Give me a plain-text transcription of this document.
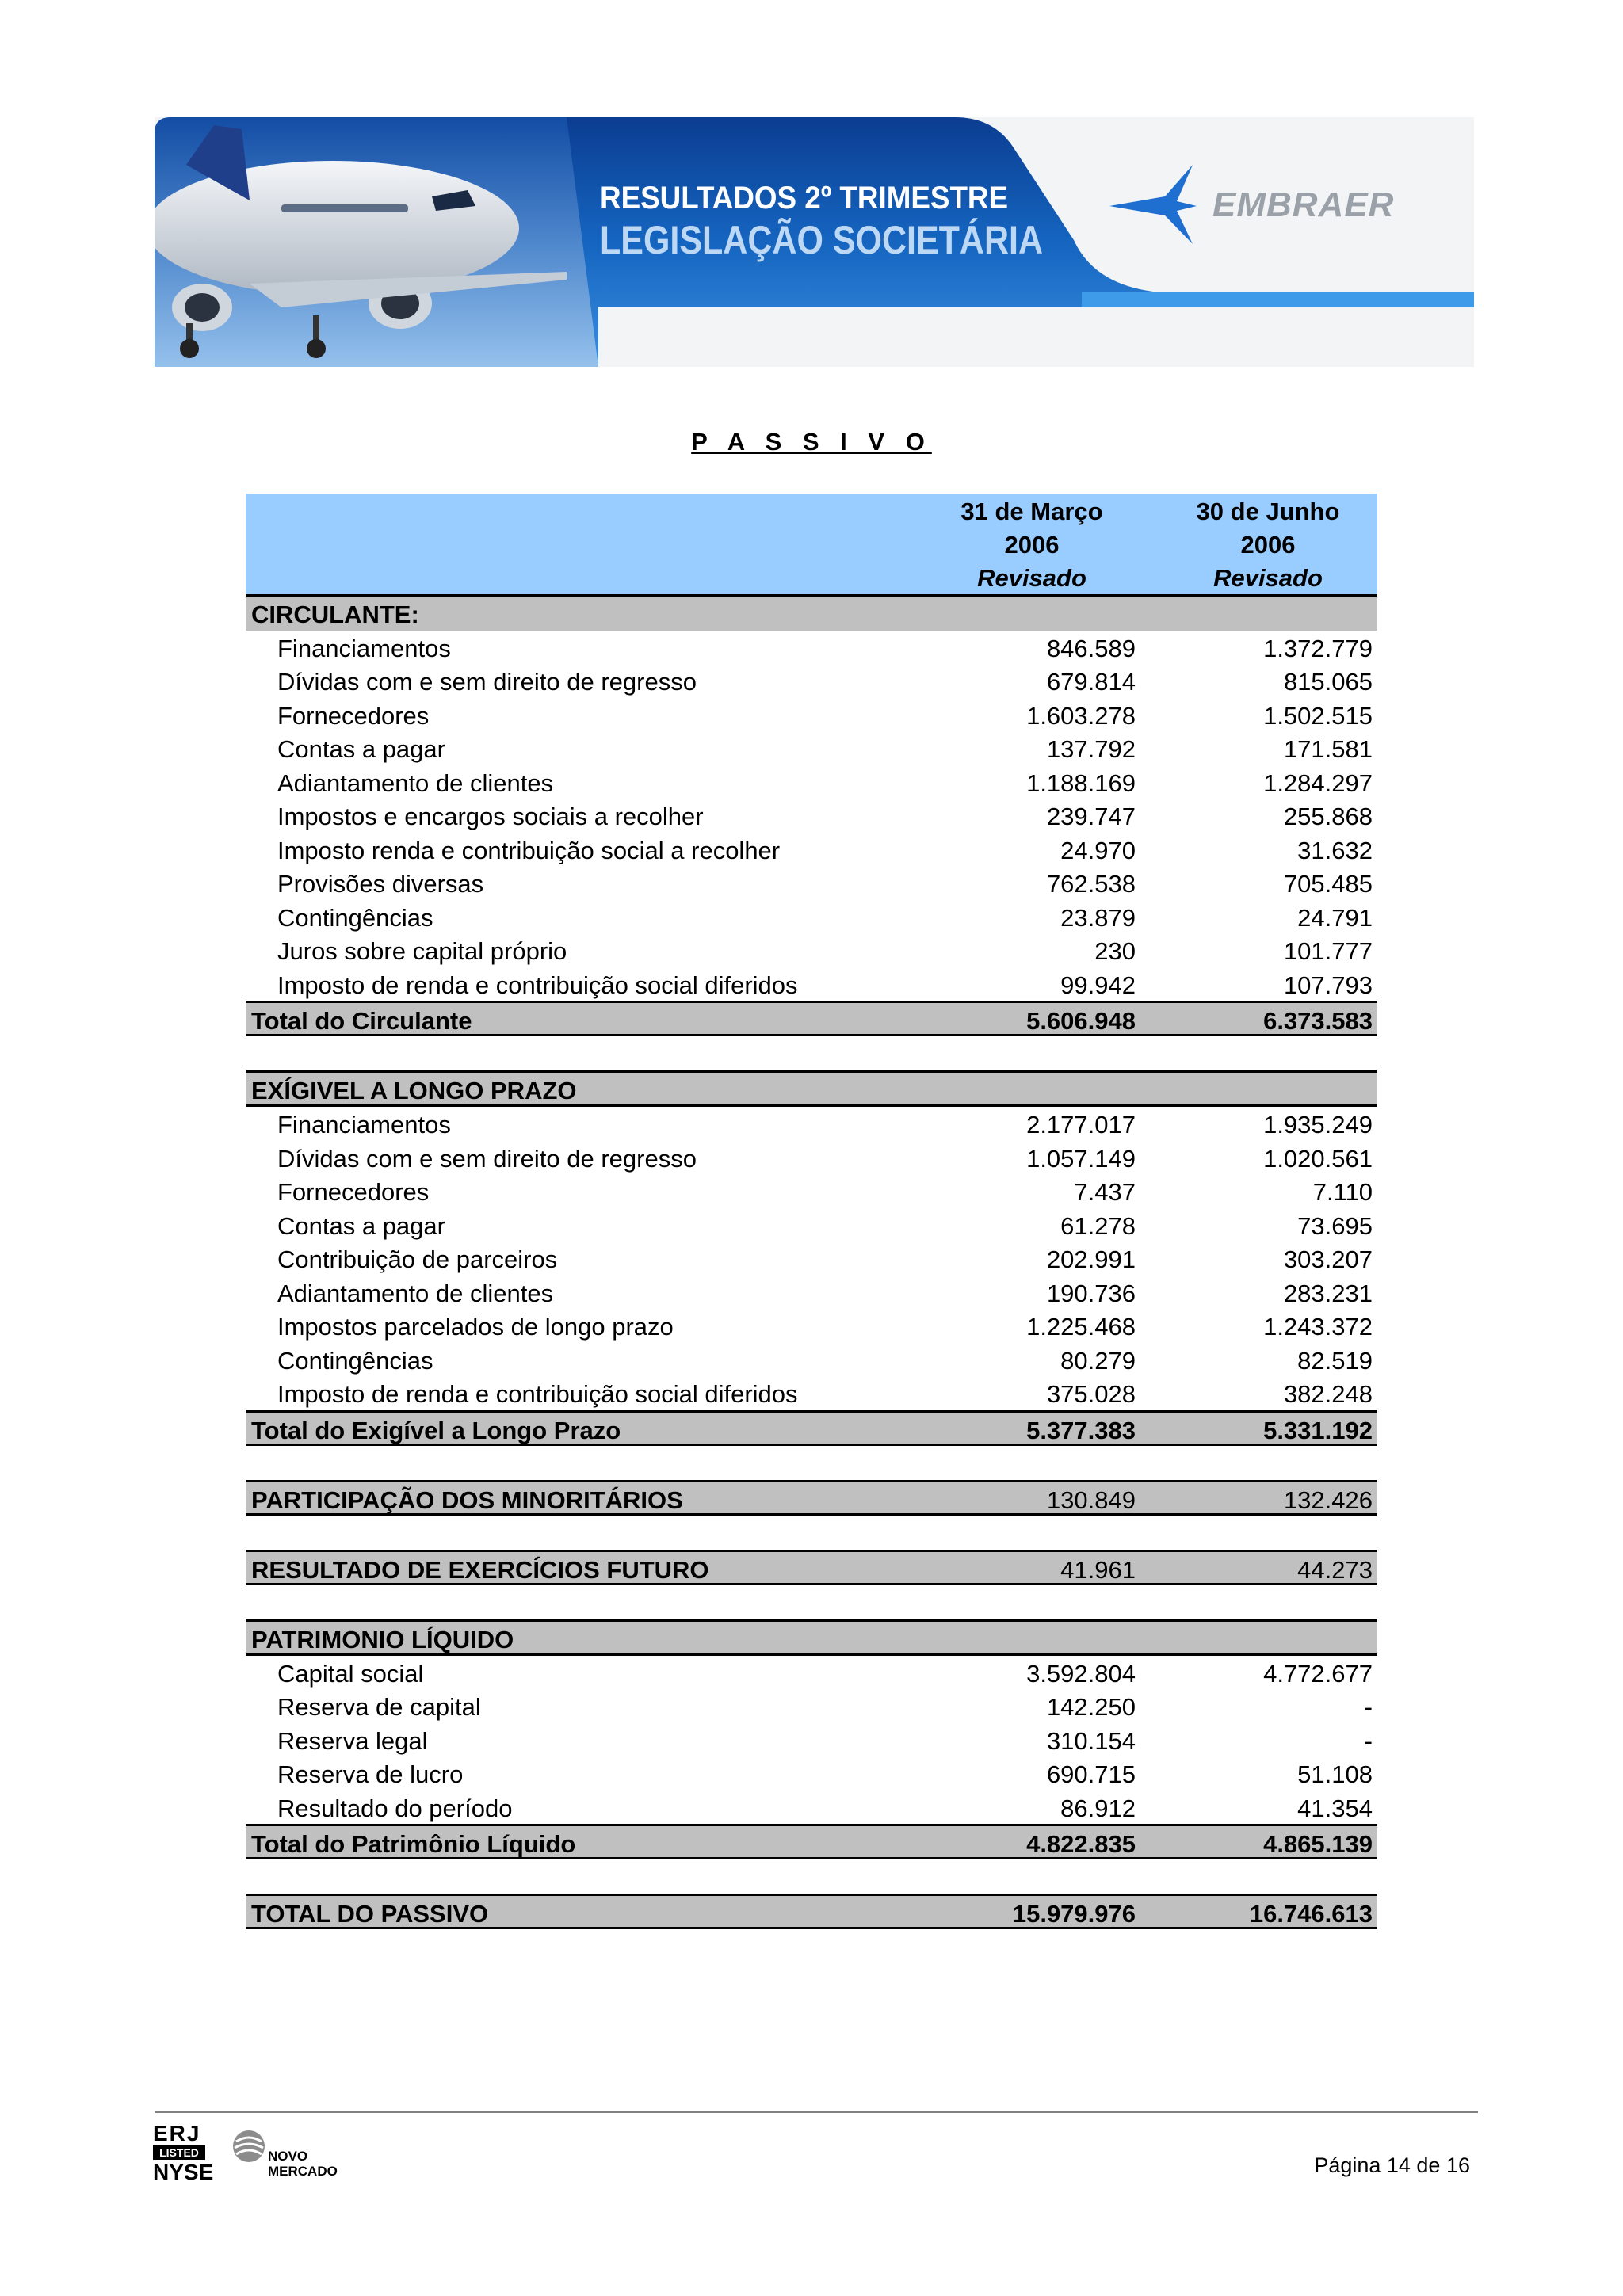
RESULTADOS 2º TRIMESTRE
LEGISLAÇÃO SOCIETÁRIA
EMBRAER
P A S S I V O
31 de Março
2006
Revisado
30 de Junho
2006
Revisado
CIRCULANTE:
Financiamentos	846.589	1.372.779
Dívidas com e sem direito de regresso	679.814	815.065
Fornecedores	1.603.278	1.502.515
Contas a pagar	137.792	171.581
Adiantamento de clientes	1.188.169	1.284.297
Impostos e encargos sociais a recolher	239.747	255.868
Imposto renda e contribuição social a recolher	24.970	31.632
Provisões diversas	762.538	705.485
Contingências	23.879	24.791
Juros sobre capital próprio	230	101.777
Imposto de renda e contribuição social diferidos	99.942	107.793
Total do Circulante	5.606.948	6.373.583
EXÍGIVEL A LONGO PRAZO
Financiamentos	2.177.017	1.935.249
Dívidas com e sem direito de regresso	1.057.149	1.020.561
Fornecedores	7.437	7.110
Contas a pagar	61.278	73.695
Contribuição de parceiros	202.991	303.207
Adiantamento de clientes	190.736	283.231
Impostos parcelados de longo prazo	1.225.468	1.243.372
Contingências	80.279	82.519
Imposto de renda e contribuição social diferidos	375.028	382.248
Total do Exigível a Longo Prazo	5.377.383	5.331.192
PARTICIPAÇÃO DOS MINORITÁRIOS	130.849	132.426
RESULTADO DE EXERCÍCIOS FUTURO	41.961	44.273
PATRIMONIO LÍQUIDO
Capital social	3.592.804	4.772.677
Reserva de capital	142.250	-
Reserva legal	310.154	-
Reserva de lucro	690.715	51.108
Resultado do período	86.912	41.354
Total do Patrimônio Líquido	4.822.835	4.865.139
TOTAL DO PASSIVO	15.979.976	16.746.613
ERJ
LISTED
NYSE
NOVO
MERCADO	Página 14 de 16
